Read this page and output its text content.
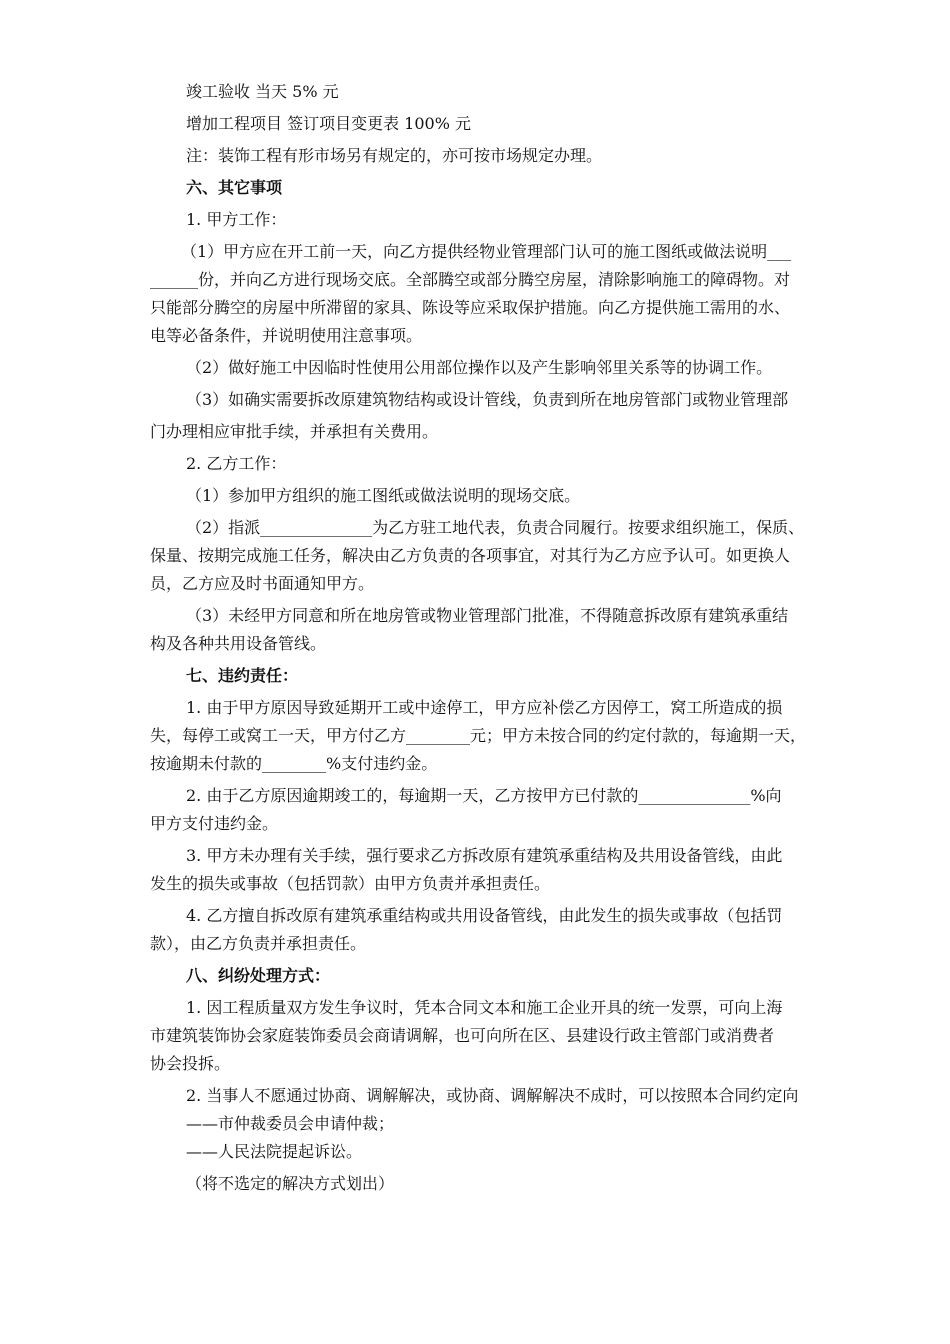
竣工验收 当天 5% 元
增加工程项目 签订项目变更表 100% 元
注：装饰工程有形市场另有规定的，亦可按市场规定办理。
六、其它事项
1. 甲方工作：
（1）甲方应在开工前一天，向乙方提供经物业管理部门认可的施工图纸或做法说明___
______份，并向乙方进行现场交底。全部腾空或部分腾空房屋，清除影响施工的障碍物。对
只能部分腾空的房屋中所滞留的家具、陈设等应采取保护措施。向乙方提供施工需用的水、
电等必备条件，并说明使用注意事项。
（2）做好施工中因临时性使用公用部位操作以及产生影响邻里关系等的协调工作。
（3）如确实需要拆改原建筑物结构或设计管线，负责到所在地房管部门或物业管理部
门办理相应审批手续，并承担有关费用。
2. 乙方工作：
（1）参加甲方组织的施工图纸或做法说明的现场交底。
（2）指派______________为乙方驻工地代表，负责合同履行。按要求组织施工，保质、
保量、按期完成施工任务，解决由乙方负责的各项事宜，对其行为乙方应予认可。如更换人
员，乙方应及时书面通知甲方。
（3）未经甲方同意和所在地房管或物业管理部门批准，不得随意拆改原有建筑承重结
构及各种共用设备管线。
七、违约责任：
1. 由于甲方原因导致延期开工或中途停工，甲方应补偿乙方因停工，窝工所造成的损
失，每停工或窝工一天，甲方付乙方________元；甲方未按合同的约定付款的，每逾期一天，
按逾期未付款的________%支付违约金。
2. 由于乙方原因逾期竣工的，每逾期一天，乙方按甲方已付款的______________%向
甲方支付违约金。
3. 甲方未办理有关手续，强行要求乙方拆改原有建筑承重结构及共用设备管线，由此
发生的损失或事故（包括罚款）由甲方负责并承担责任。
4. 乙方擅自拆改原有建筑承重结构或共用设备管线，由此发生的损失或事故（包括罚
款），由乙方负责并承担责任。
八、纠纷处理方式：
1. 因工程质量双方发生争议时，凭本合同文本和施工企业开具的统一发票，可向上海
市建筑装饰协会家庭装饰委员会商请调解，也可向所在区、县建设行政主管部门或消费者
协会投拆。
2. 当事人不愿通过协商、调解解决，或协商、调解解决不成时，可以按照本合同约定向
——市仲裁委员会申请仲裁；
——人民法院提起诉讼。
（将不选定的解决方式划出）
